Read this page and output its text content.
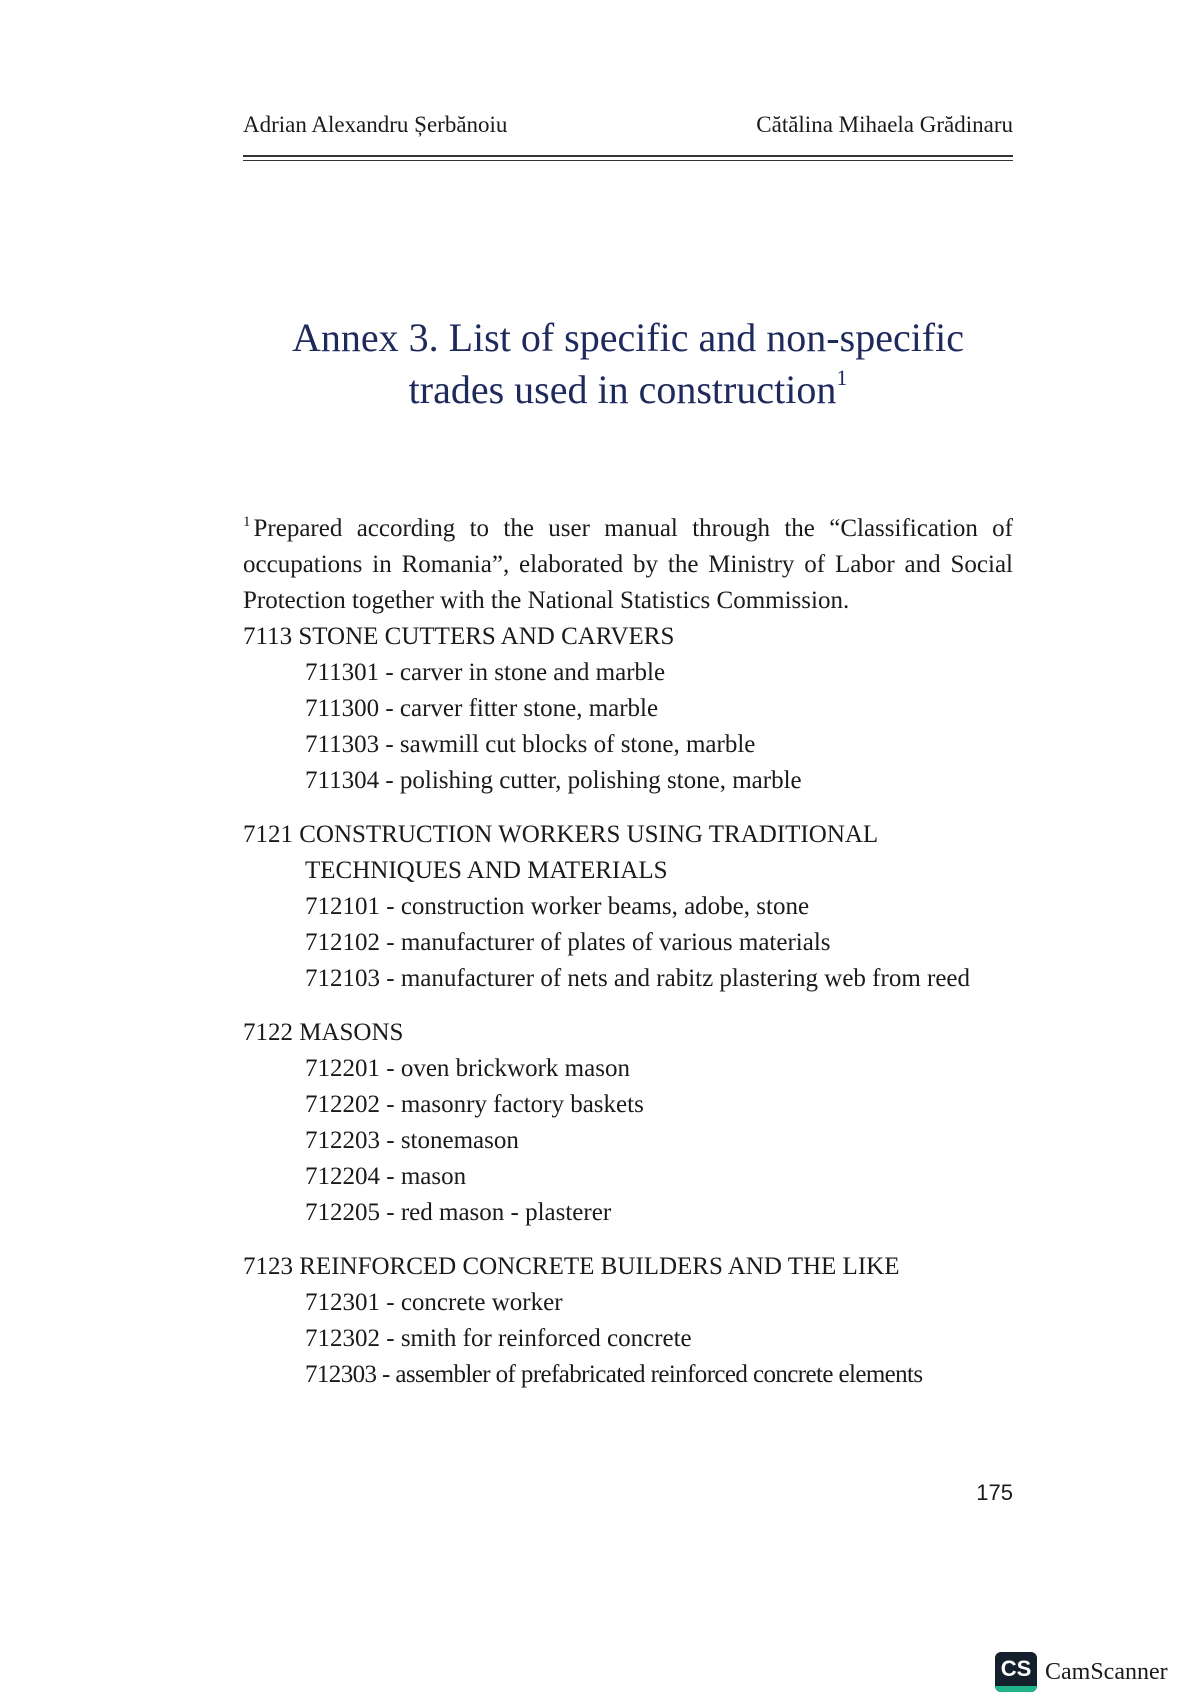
Adrian Alexandru Șerbănoiu	Cătălina Mihaela Grădinaru
Annex 3. List of specific and non-specific
trades used in construction$^1$

$^1$ Prepared according to the user manual through the “Classification of occupations in Romania”, elaborated by the Ministry of Labor and Social Protection together with the National Statistics Commission.

7113 STONE CUTTERS AND CARVERS
711301 - carver in stone and marble
711300 - carver fitter stone, marble
711303 - sawmill cut blocks of stone, marble
711304 - polishing cutter, polishing stone, marble
7121 CONSTRUCTION WORKERS USING TRADITIONAL TECHNIQUES AND MATERIALS
712101 - construction worker beams, adobe, stone
712102 - manufacturer of plates of various materials
712103 - manufacturer of nets and rabitz plastering web from reed
7122 MASONS
712201 - oven brickwork mason
712202 - masonry factory baskets
712203 - stonemason
712204 - mason
712205 - red mason - plasterer
7123 REINFORCED CONCRETE BUILDERS AND THE LIKE
712301 - concrete worker
712302 - smith for reinforced concrete
712303 - assembler of prefabricated reinforced concrete elements
175
CS CamScanner
